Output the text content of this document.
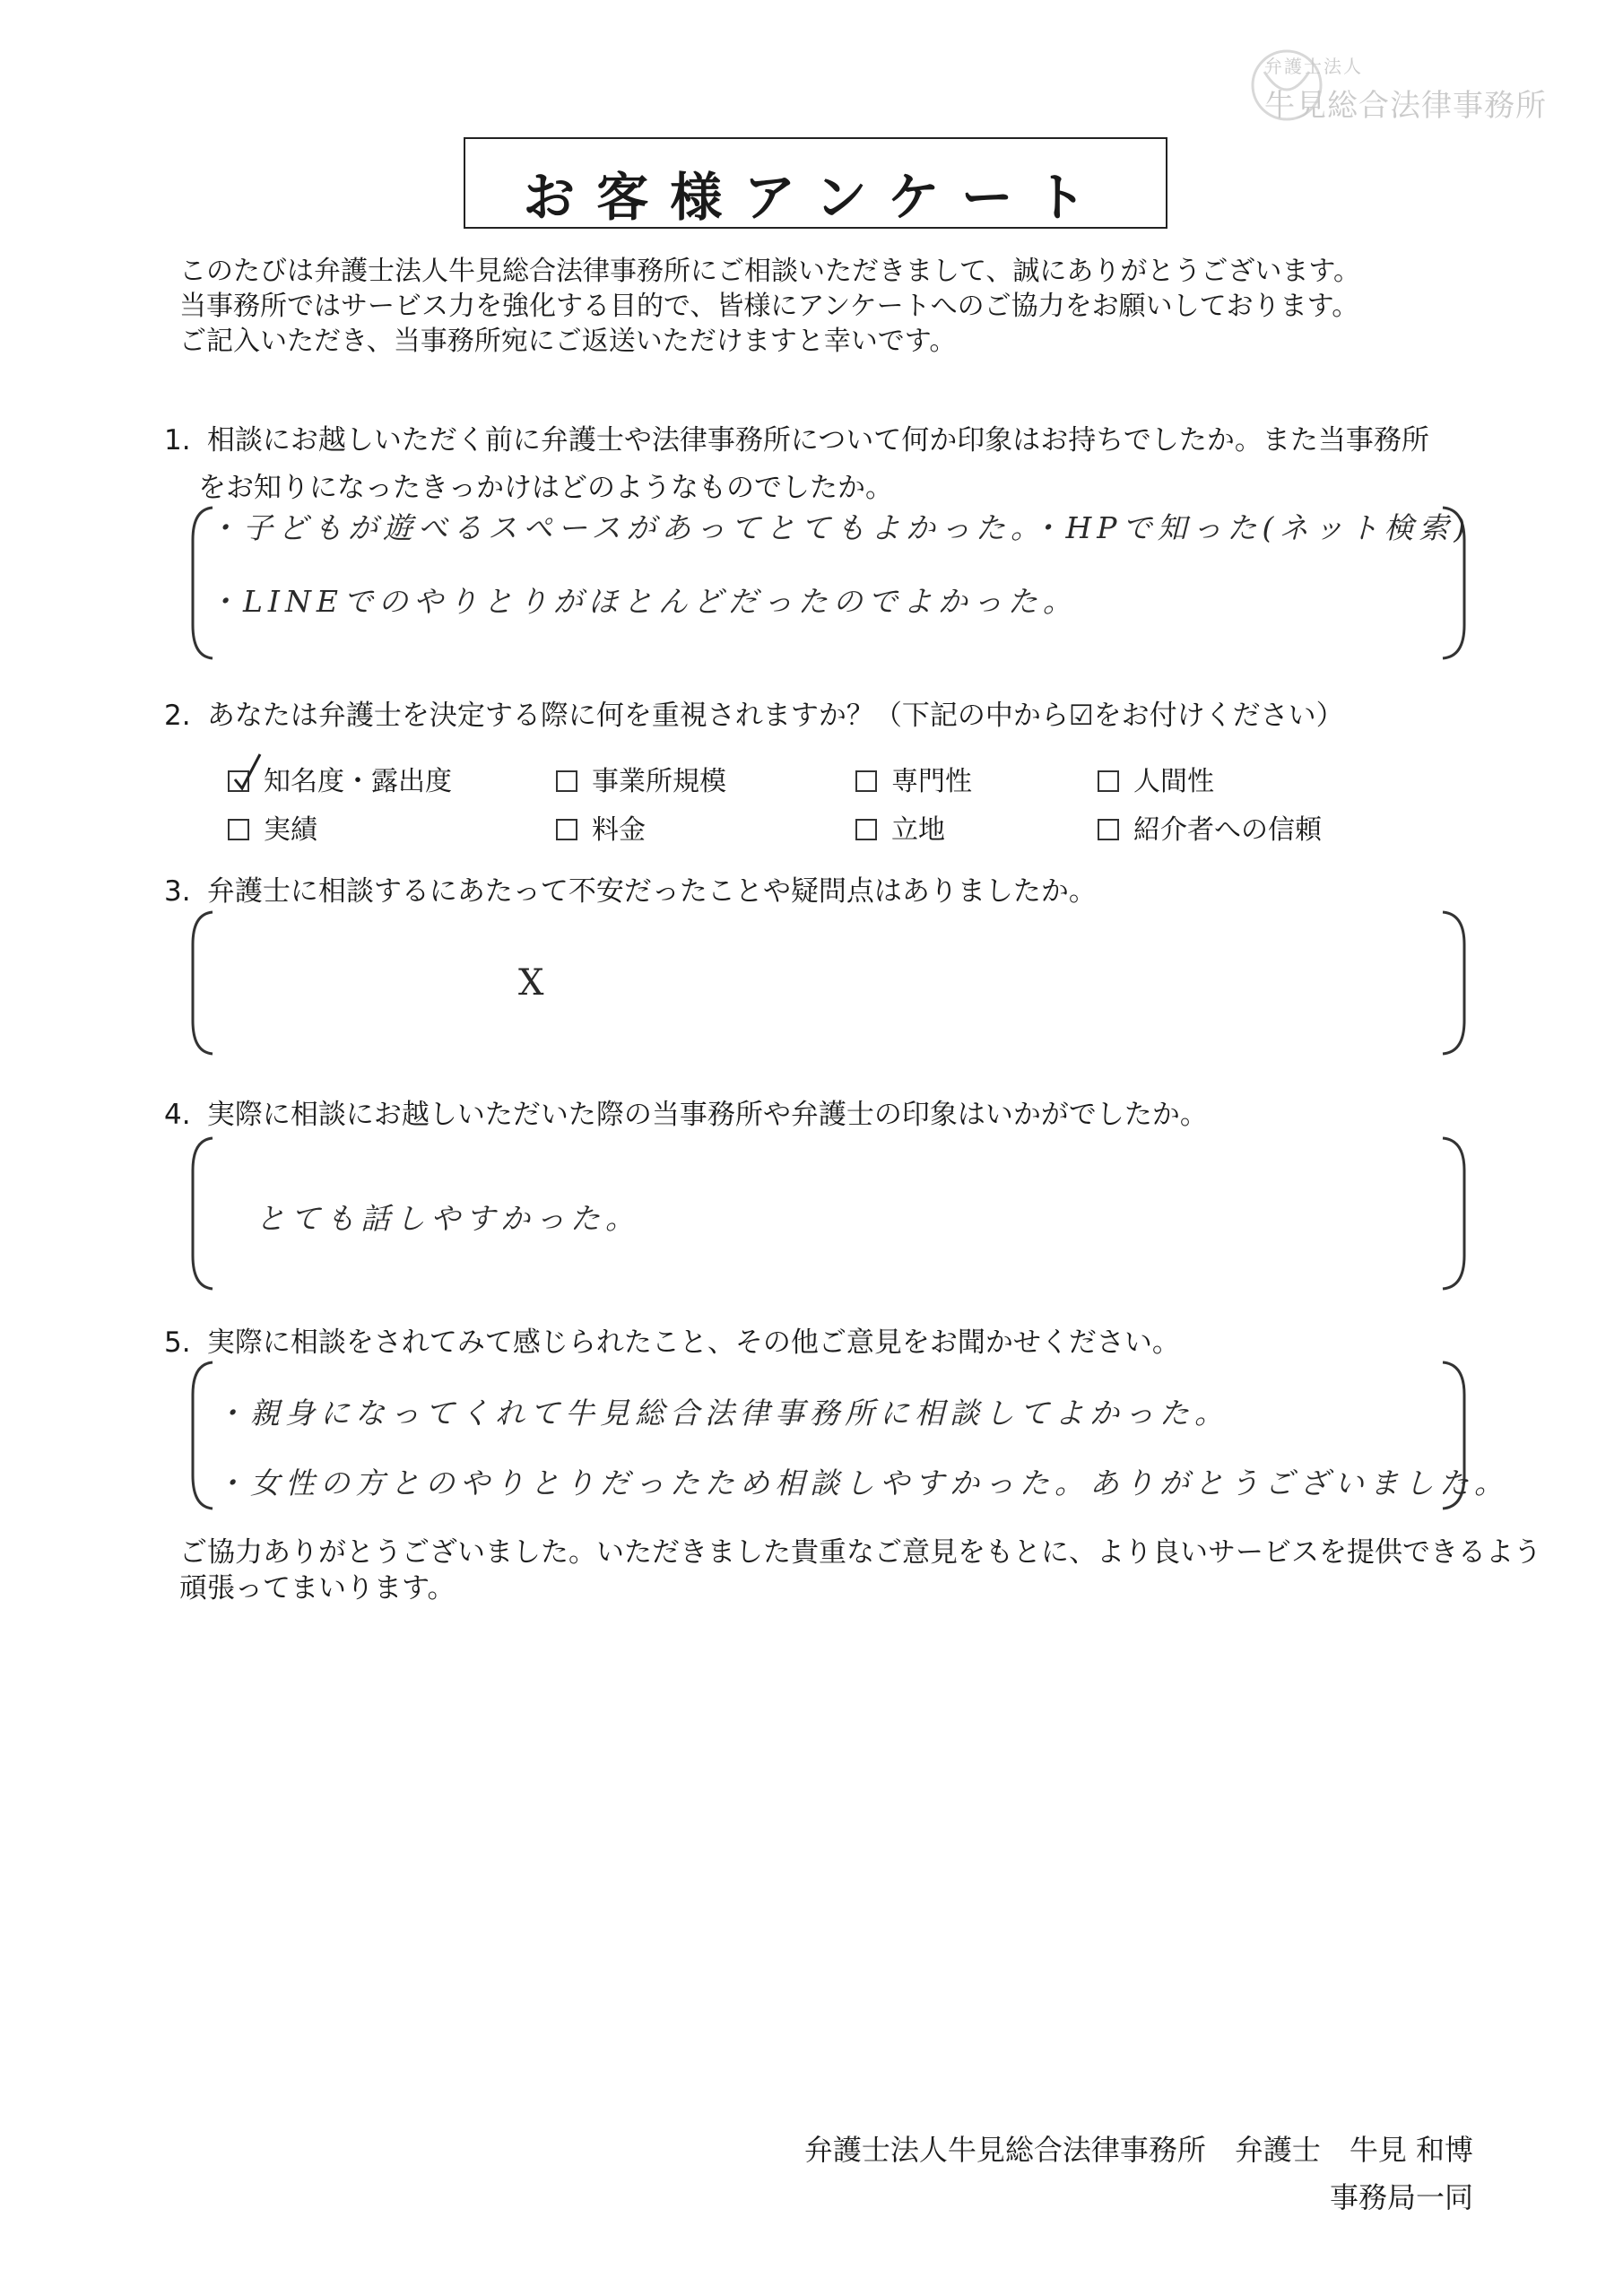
弁護士法人
牛見総合法律事務所
お客様アンケート
このたびは弁護士法人牛見総合法律事務所にご相談いただきまして、誠にありがとうございます。
当事務所ではサービス力を強化する目的で、皆様にアンケートへのご協力をお願いしております。
ご記入いただき、当事務所宛にご返送いただけますと幸いです。
1. 相談にお越しいただく前に弁護士や法律事務所について何か印象はお持ちでしたか。また当事務所
をお知りになったきっかけはどのようなものでしたか。
・子どもが遊べるスペースがあってとてもよかった。・HPで知った(ネット検索)
・LINEでのやりとりがほとんどだったのでよかった。
2. あなたは弁護士を決定する際に何を重視されますか？（下記の中から☑をお付けください）
知名度・露出度	事業所規模	専門性	人間性
実績	料金	立地	紹介者への信頼
3. 弁護士に相談するにあたって不安だったことや疑問点はありましたか。
X
4. 実際に相談にお越しいただいた際の当事務所や弁護士の印象はいかがでしたか。
とても話しやすかった。
5. 実際に相談をされてみて感じられたこと、その他ご意見をお聞かせください。
・親身になってくれて牛見総合法律事務所に相談してよかった。
・女性の方とのやりとりだったため相談しやすかった。ありがとうございました。
ご協力ありがとうございました。いただきました貴重なご意見をもとに、より良いサービスを提供できるよう
頑張ってまいります。
弁護士法人牛見総合法律事務所　弁護士　牛見 和博
事務局一同
